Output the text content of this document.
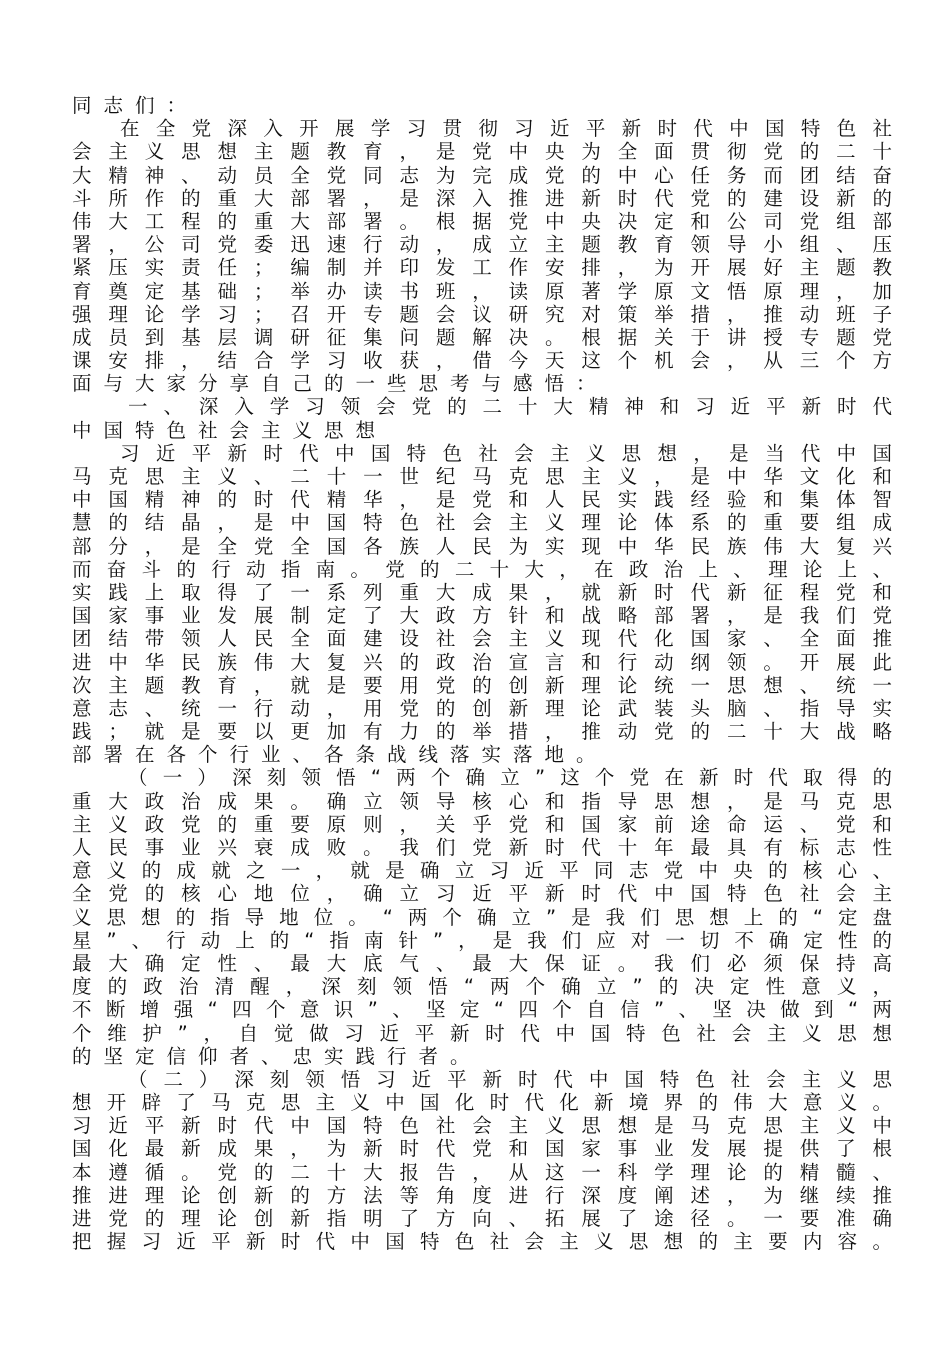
同志们：
在全党深入开展学习贯彻习近平新时代中国特色社
会主义思想主题教育，是党中央为全面贯彻党的二十
大精神、动员全党同志为完成党的中心任务而团结奋
斗所作的重大部署，是深入推进新时代党的建设新的
伟大工程的重大部署。根据党中央决定和公司党组部
署，公司党委迅速行动，成立主题教育领导小组、压
紧压实责任；编制并印发工作安排，为开展好主题教
育奠定基础；举办读书班，读原著学原文悟原理，加
强理论学习；召开专题会议研究对策举措，推动班子
成员到基层调研征集问题解决。根据关于讲授专题党
课安排，结合学习收获，借今天这个机会，从三个方
面与大家分享自己的一些思考与感悟：
一、深入学习领会党的二十大精神和习近平新时代
中国特色社会主义思想
习近平新时代中国特色社会主义思想，是当代中国
马克思主义、二十一世纪马克思主义，是中华文化和
中国精神的时代精华，是党和人民实践经验和集体智
慧的结晶，是中国特色社会主义理论体系的重要组成
部分，是全党全国各族人民为实现中华民族伟大复兴
而奋斗的行动指南。党的二十大，在政治上、理论上、
实践上取得了一系列重大成果，就新时代新征程党和
国家事业发展制定了大政方针和战略部署，是我们党
团结带领人民全面建设社会主义现代化国家、全面推
进中华民族伟大复兴的政治宣言和行动纲领。开展此
次主题教育，就是要用党的创新理论统一思想、统一
意志、统一行动，用党的创新理论武装头脑、指导实
践；就是要以更加有力的举措，推动党的二十大战略
部署在各个行业、各条战线落实落地。
（一）深刻领悟“两个确立”这个党在新时代取得的
重大政治成果。确立领导核心和指导思想，是马克思
主义政党的重要原则，关乎党和国家前途命运、党和
人民事业兴衰成败。我们党新时代十年最具有标志性
意义的成就之一，就是确立习近平同志党中央的核心、
全党的核心地位，确立习近平新时代中国特色社会主
义思想的指导地位。“两个确立”是我们思想上的“定盘
星”、行动上的“指南针”，是我们应对一切不确定性的
最大确定性、最大底气、最大保证。我们必须保持高
度的政治清醒，深刻领悟“两个确立”的决定性意义，
不断增强“四个意识”、坚定“四个自信”、坚决做到“两
个维护”，自觉做习近平新时代中国特色社会主义思想
的坚定信仰者、忠实践行者。
（二）深刻领悟习近平新时代中国特色社会主义思
想开辟了马克思主义中国化时代化新境界的伟大意义。
习近平新时代中国特色社会主义思想是马克思主义中
国化最新成果，为新时代党和国家事业发展提供了根
本遵循。党的二十大报告，从这一科学理论的精髓、
推进理论创新的方法等角度进行深度阐述，为继续推
进党的理论创新指明了方向、拓展了途径。一要准确
把握习近平新时代中国特色社会主义思想的主要内容。
